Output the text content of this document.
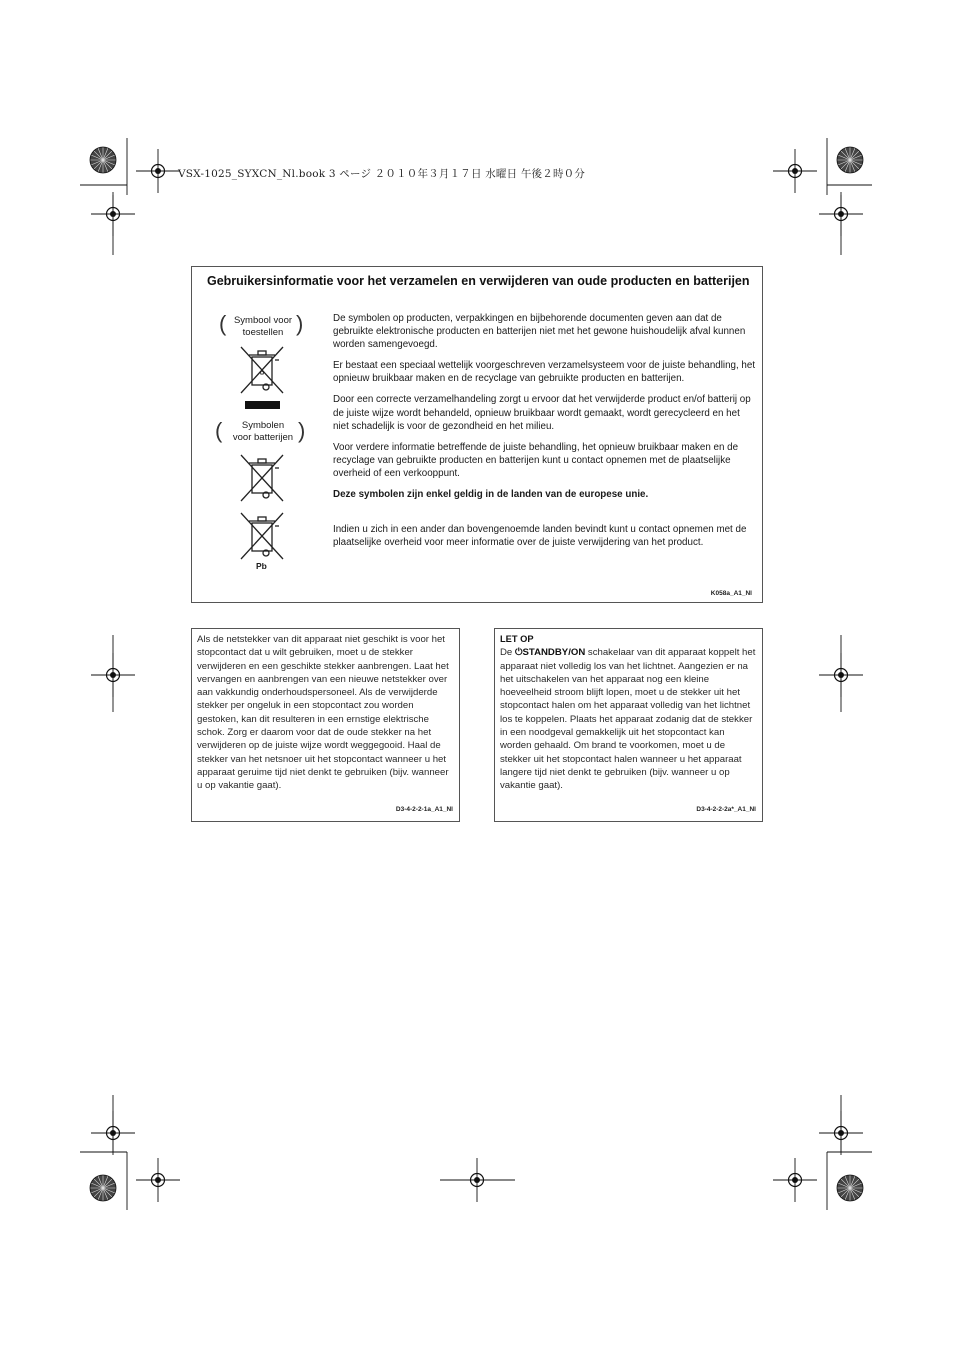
VSX-1025_SYXCN_Nl.book 3 ページ ２０１０年３月１７日 水曜日 午後２時０分
Gebruikersinformatie voor het verzamelen en verwijderen van oude producten en batterijen
( Symbool voor
toestellen )
♻
(	Symbolen
voor batterijen )
Pb

De symbolen op producten, verpakkingen en bijbehorende documenten geven aan dat de gebruikte elektronische producten en batterijen niet met het gewone huishoudelijk afval kunnen worden samengevoegd.

Er bestaat een speciaal wettelijk voorgeschreven verzamelsysteem voor de juiste behandling, het opnieuw bruikbaar maken en de recyclage van gebruikte producten en batterijen.

Door een correcte verzamelhandeling zorgt u ervoor dat het verwijderde product en/of batterij op de juiste wijze wordt behandeld, opnieuw bruikbaar wordt gemaakt, wordt gerecycleerd en het niet schadelijk is voor de gezondheid en het milieu.

Voor verdere informatie betreffende de juiste behandling, het opnieuw bruikbaar maken en de recyclage van gebruikte producten en batterijen kunt u contact opnemen met de plaatselijke overheid of een verkooppunt.

Deze symbolen zijn enkel geldig in de landen van de europese unie.

Indien u zich in een ander dan bovengenoemde landen bevindt kunt u contact opnemen met de plaatselijke overheid voor meer informatie over de juiste verwijdering van het product.

K058a_A1_Nl
Als de netstekker van dit apparaat niet geschikt is voor het stopcontact dat u wilt gebruiken, moet u de stekker verwijderen en een geschikte stekker aanbrengen. Laat het vervangen en aanbrengen van een nieuwe netstekker over aan vakkundig onderhoudspersoneel. Als de verwijderde stekker per ongeluk in een stopcontact zou worden gestoken, kan dit resulteren in een ernstige elektrische schok. Zorg er daarom voor dat de oude stekker na het verwijderen op de juiste wijze wordt weggegooid. Haal de stekker van het netsnoer uit het stopcontact wanneer u het apparaat geruime tijd niet denkt te gebruiken (bijv. wanneer u op vakantie gaat).
D3-4-2-2-1a_A1_Nl
LET OP
De ⏻STANDBY/ON schakelaar van dit apparaat koppelt het apparaat niet volledig los van het lichtnet. Aangezien er na het uitschakelen van het apparaat nog een kleine hoeveelheid stroom blijft lopen, moet u de stekker uit het stopcontact halen om het apparaat volledig van het lichtnet los te koppelen. Plaats het apparaat zodanig dat de stekker in een noodgeval gemakkelijk uit het stopcontact kan worden gehaald. Om brand te voorkomen, moet u de stekker uit het stopcontact halen wanneer u het apparaat langere tijd niet denkt te gebruiken (bijv. wanneer u op vakantie gaat).
D3-4-2-2-2a*_A1_Nl
